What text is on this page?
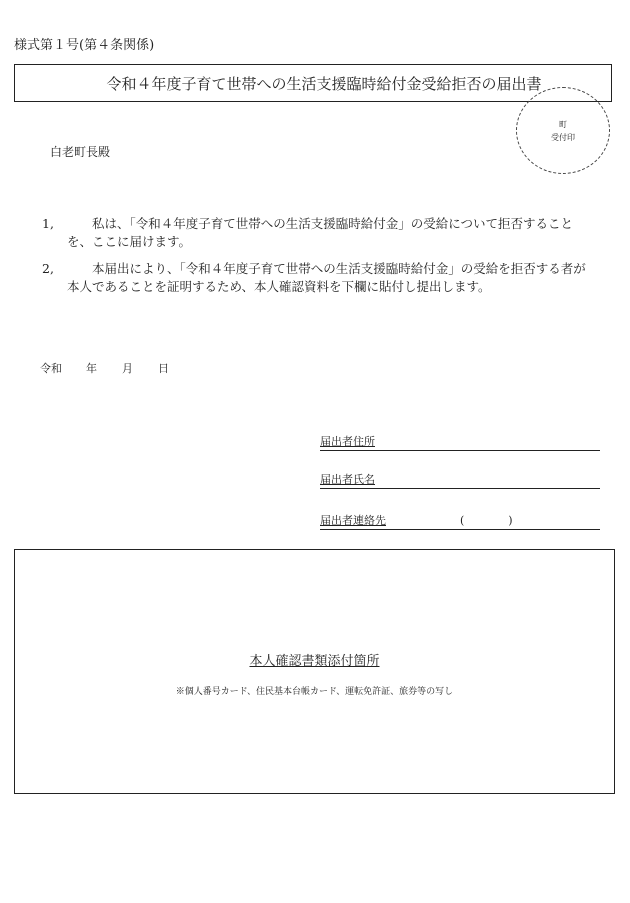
様式第１号(第４条関係)
令和４年度子育て世帯への生活支援臨時給付金受給拒否の届出書
町
受付印
白老町長殿
1,	私は、「令和４年度子育て世帯への生活支援臨時給付金」の受給について拒否することを、ここに届けます。
2,	本届出により、「令和４年度子育て世帯への生活支援臨時給付金」の受給を拒否する者が本人であることを証明するため、本人確認資料を下欄に貼付し提出します。
令和 年 月 日
届出者住所
届出者氏名
届出者連絡先	(　　　　)
本人確認書類添付箇所
※個人番号カード、住民基本台帳カード、運転免許証、旅券等の写し
